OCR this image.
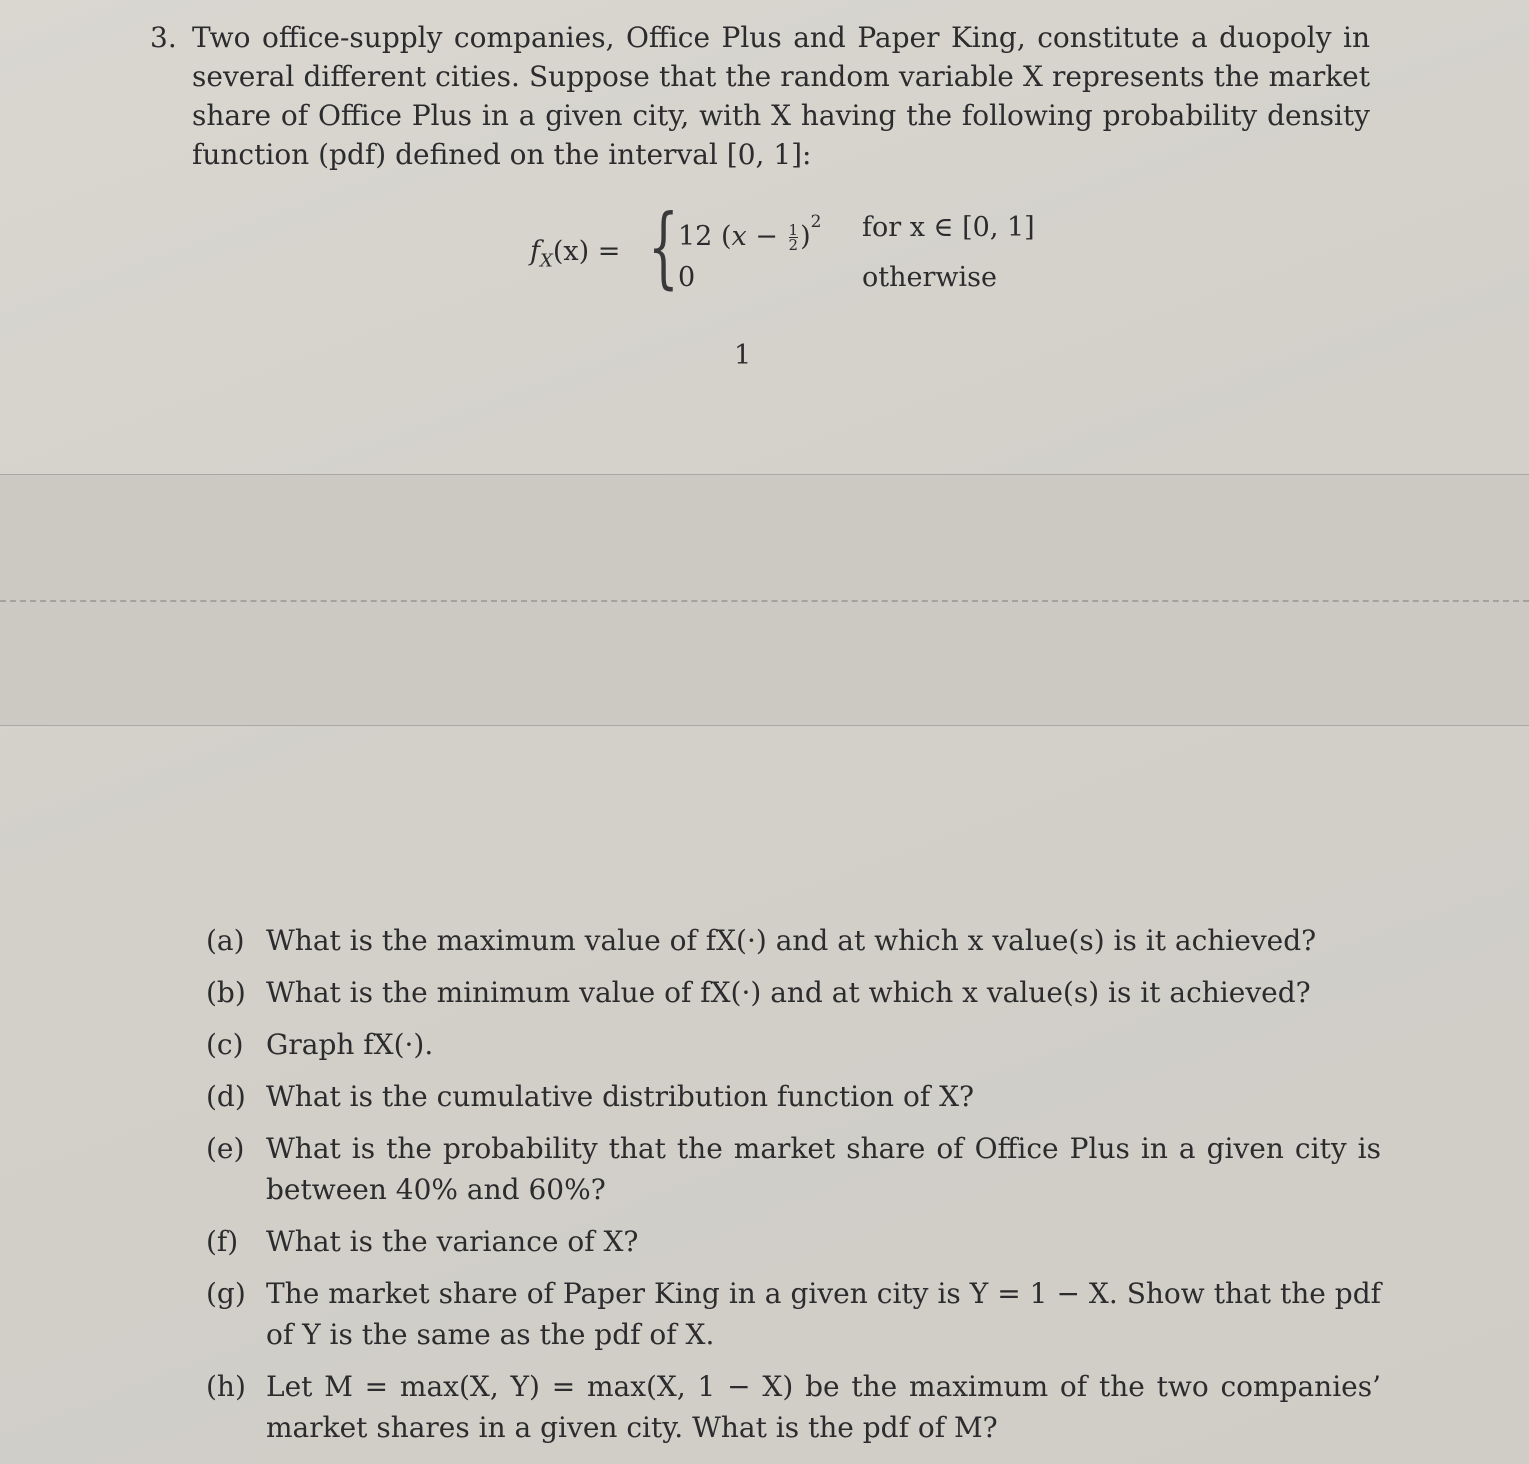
3. Two office-supply companies, Office Plus and Paper King, constitute a duopoly in several different cities. Suppose that the random variable X represents the market share of Office Plus in a given city, with X having the following probability density function (pdf) defined on the interval [0, 1]:
$f_X(x)$ = { 12 $(x - \frac{1}{2} )^2$ for x ∈ [0, 1]
0	otherwise
1
(a) What is the maximum value of fX(·) and at which x value(s) is it achieved?
(b) What is the minimum value of fX(·) and at which x value(s) is it achieved?
(c) Graph fX(·).
(d) What is the cumulative distribution function of X?
(e) What is the probability that the market share of Office Plus in a given city is between 40% and 60%?
(f) What is the variance of X?
(g) The market share of Paper King in a given city is Y = 1 − X. Show that the pdf of Y is the same as the pdf of X.
(h) Let M = max(X, Y) = max(X, 1 − X) be the maximum of the two companies’ market shares in a given city. What is the pdf of M?
